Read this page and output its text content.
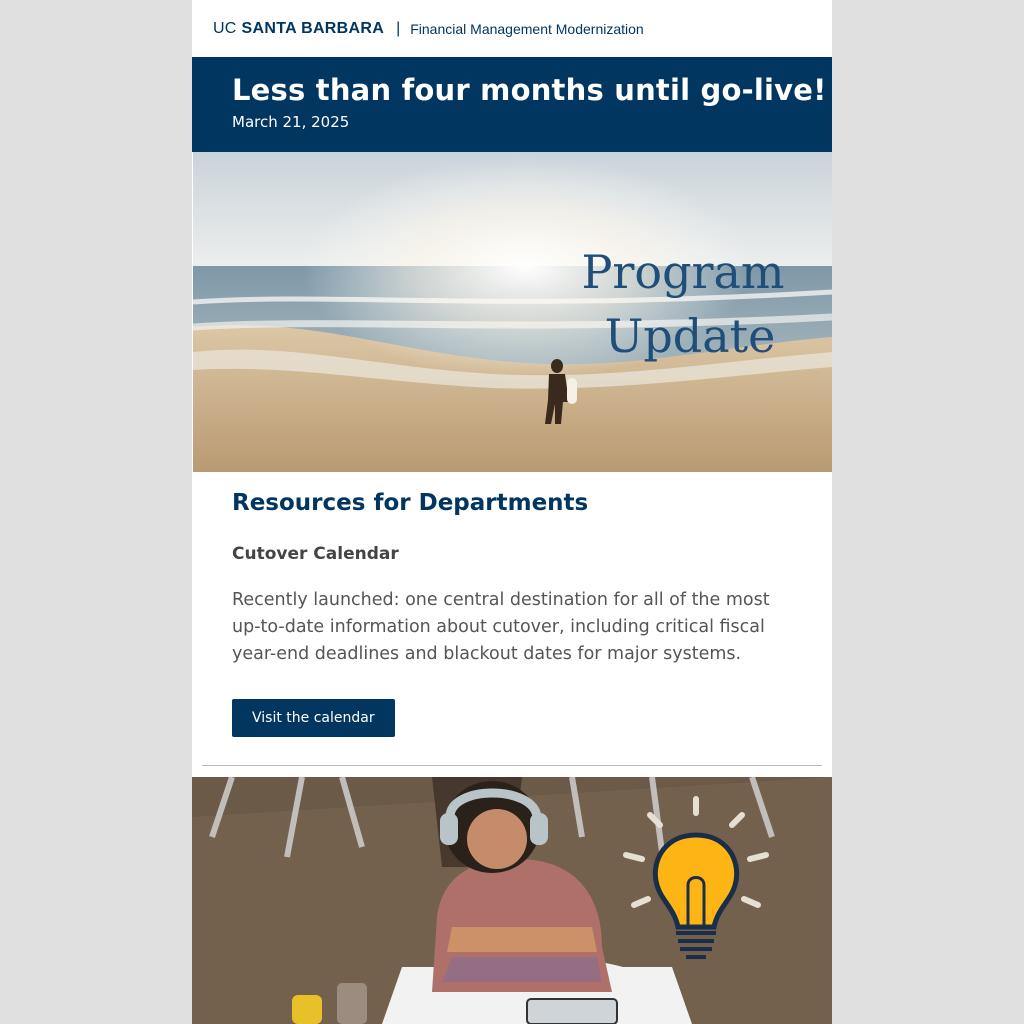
UC SANTA BARBARA | Financial Management Modernization
Less than four months until go-live!
March 21, 2025
Program
Update
Resources for Departments
Cutover Calendar

Recently launched: one central destination for all of the most up-to-date information about cutover, including critical fiscal year-end deadlines and blackout dates for major systems.

Visit the calendar
